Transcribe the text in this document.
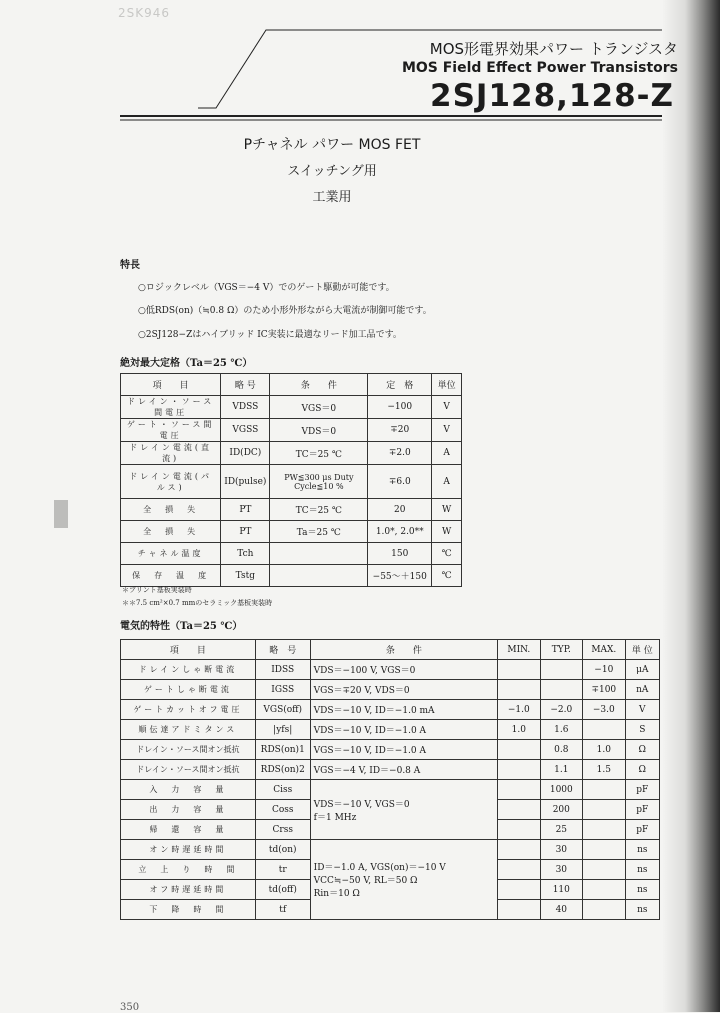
2SK946
MOS形電界効果パワー トランジスタ
MOS Field Effect Power Transistors
2SJ128,128-Z
Pチャネル パワー MOS FET
スイッチング用
工業用
特長
○ロジックレベル（VGS＝−4 V）でのゲート駆動が可能です。
○低RDS(on)（≒0.8 Ω）のため小形外形ながら大電流が制御可能です。
○2SJ128−Zはハイブリッド IC実装に最適なリード加工品です。
絶対最大定格（Ta＝25 ℃）
項　　目	略 号	条　　件	定　格	単位
ドレイン・ソース間電圧	VDSS	VGS＝0	−100	V
ゲート・ソース間電圧	VGSS	VDS＝0	∓20	V
ドレイン電流(直流)	ID(DC)	TC＝25 ℃	∓2.0	A
ドレイン電流(パルス)	ID(pulse)	PW≦300 μs Duty Cycle≦10 %	∓6.0	A
全　損　失	PT	TC＝25 ℃	20	W
全　損　失	PT	Ta＝25 ℃	1.0*, 2.0**	W
チャネル温度	Tch		150	℃
保　存　温　度	Tstg		−55〜＋150	℃
＊プリント基板実装時
＊＊7.5 cm²×0.7 mmのセラミック基板実装時
電気的特性（Ta＝25 ℃）
項　　目	略　号	条　　件	MIN.	TYP.	MAX.	単 位
ドレインしゃ断電流	IDSS	VDS＝−100 V, VGS＝0			−10	μA
ゲートしゃ断電流	IGSS	VGS＝∓20 V, VDS＝0			∓100	nA
ゲートカットオフ電圧	VGS(off)	VDS＝−10 V, ID＝−1.0 mA	−1.0	−2.0	−3.0	V
順伝達アドミタンス	|yfs|	VDS＝−10 V, ID＝−1.0 A	1.0	1.6		S
ドレイン・ソース間オン抵抗	RDS(on)1	VGS＝−10 V, ID＝−1.0 A		0.8	1.0	Ω
ドレイン・ソース間オン抵抗	RDS(on)2	VGS＝−4 V, ID＝−0.8 A		1.1	1.5	Ω
入　力　容　量	Ciss	VDS＝−10 V, VGS＝0
f＝1 MHz		1000		pF
出　力　容　量	Coss			200		pF
帰　還　容　量	Crss			25		pF
オン時遅延時間	td(on)	ID＝−1.0 A, VGS(on)＝−10 V
VCC≒−50 V, RL＝50 Ω
Rin＝10 Ω		30		ns
立　上　り　時　間	tr			30		ns
オフ時遅延時間	td(off)			110		ns
下　降　時　間	tf			40		ns
350
